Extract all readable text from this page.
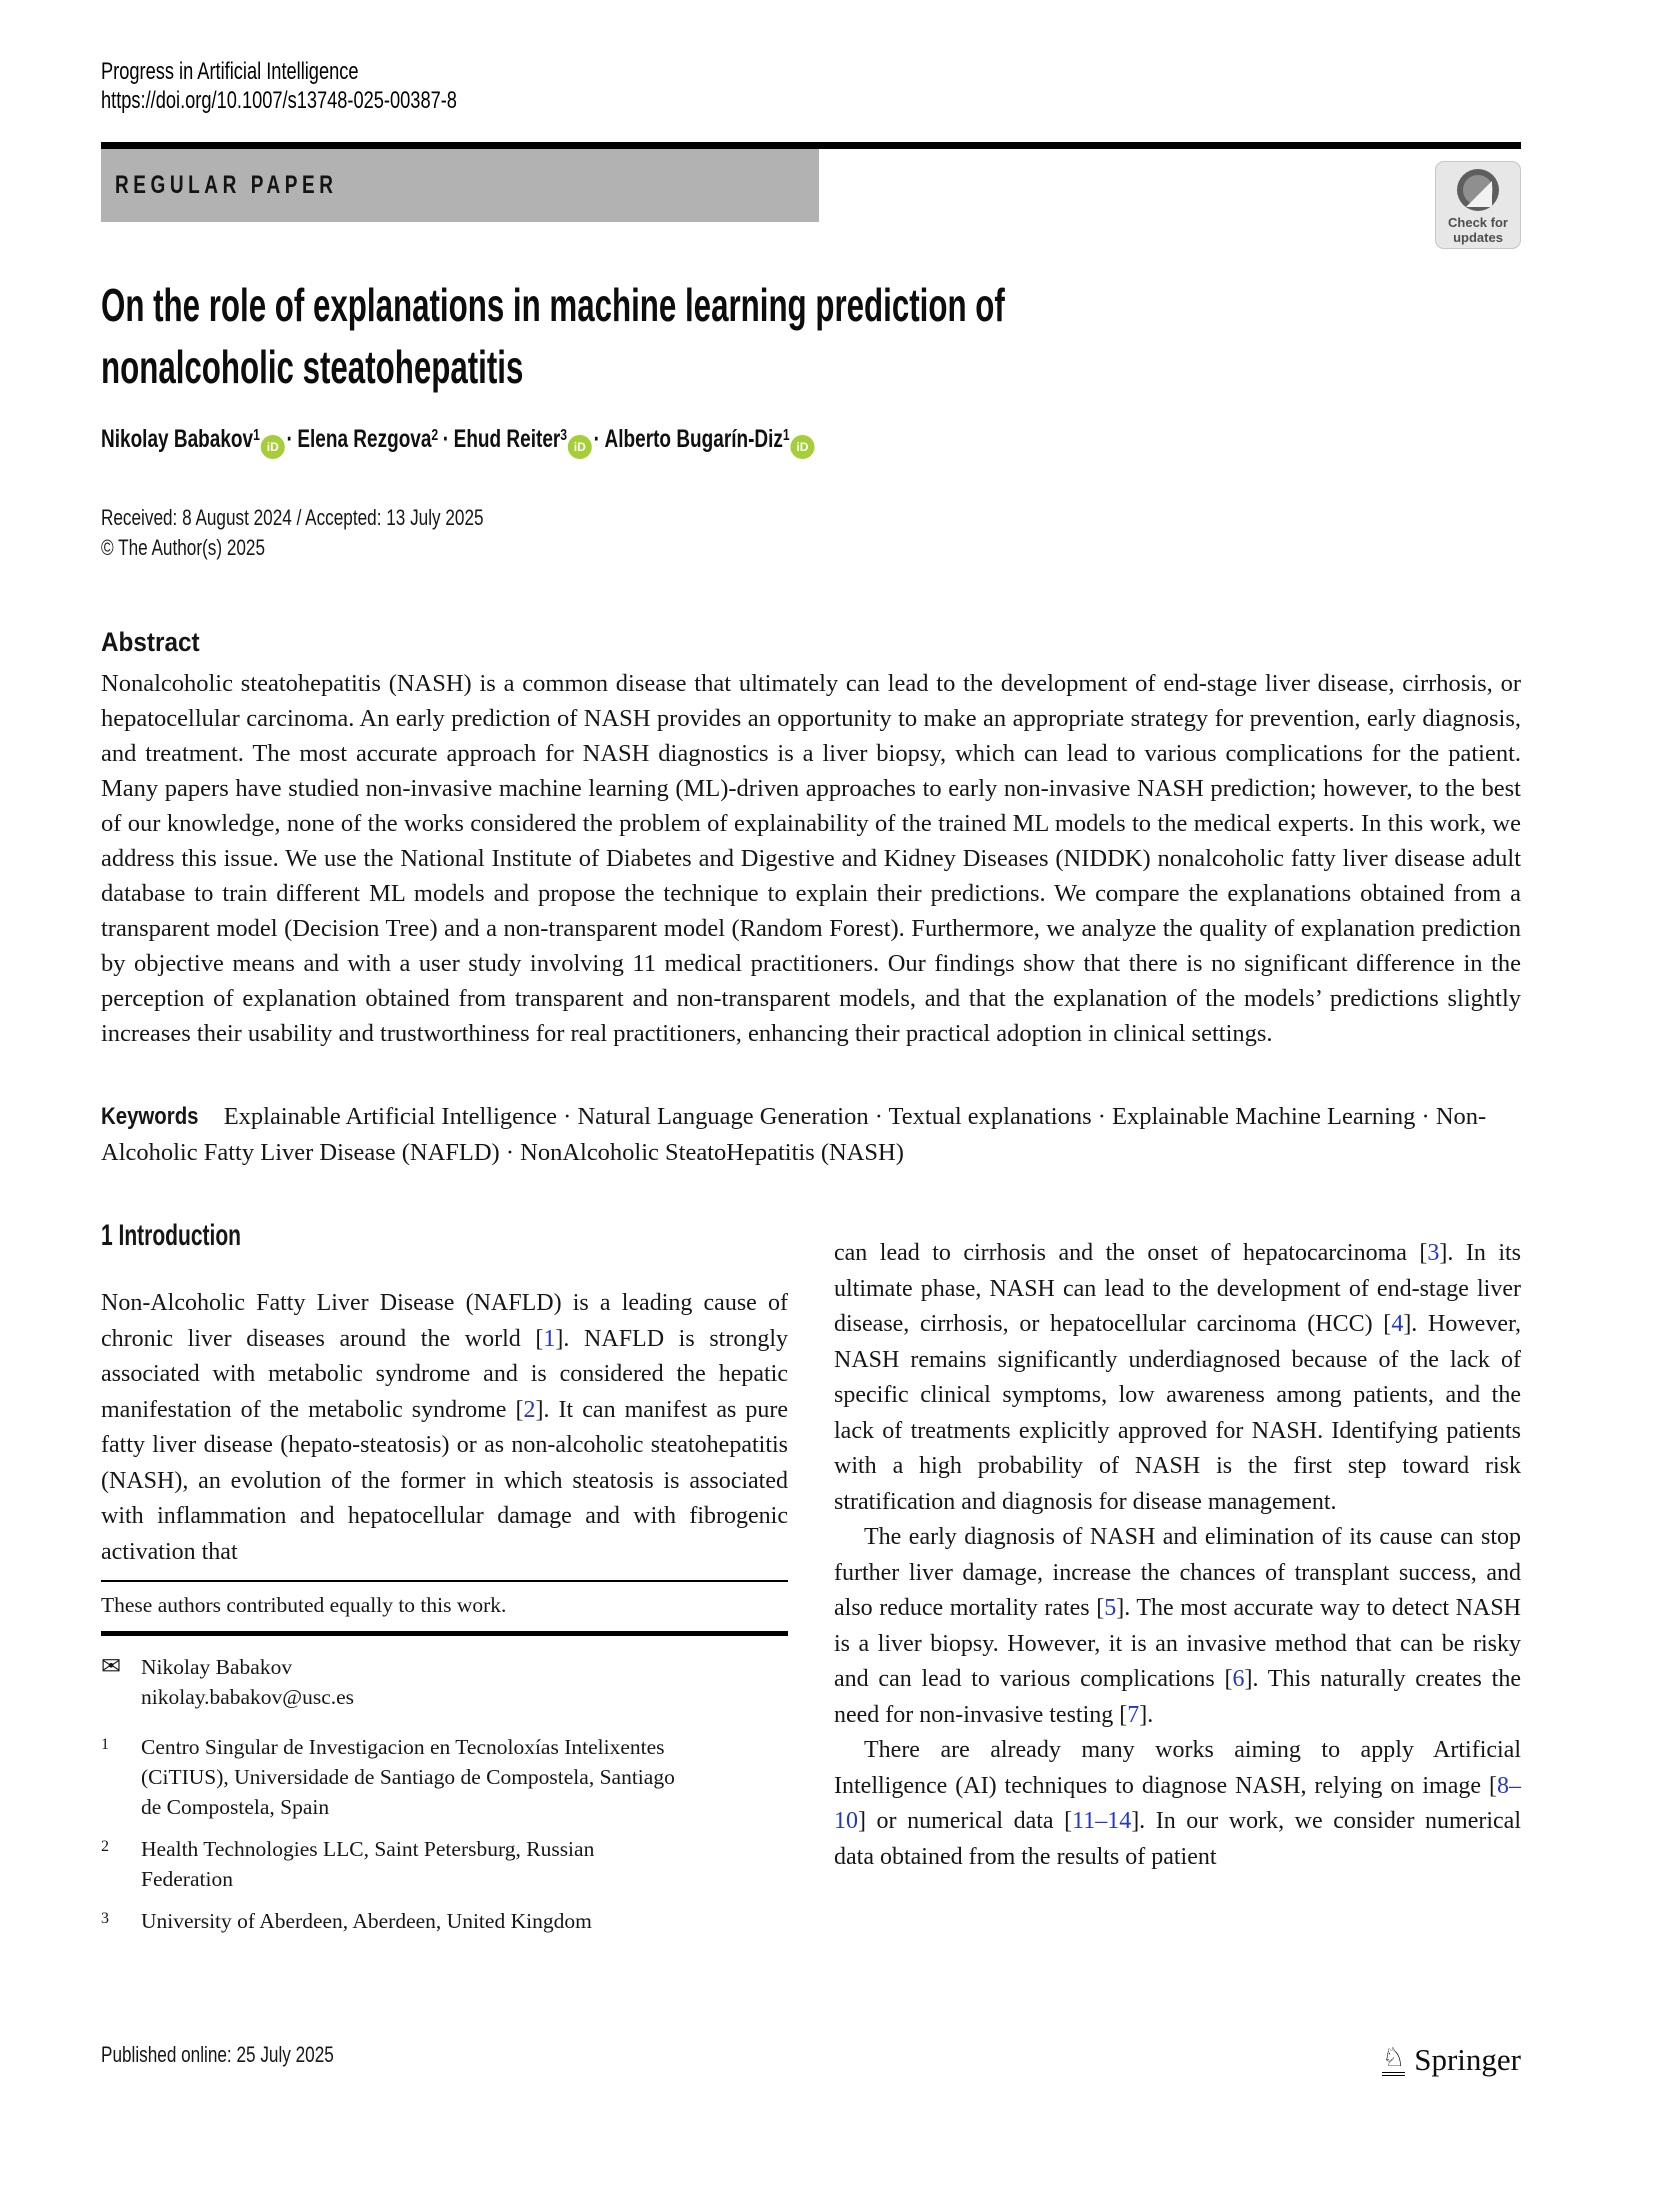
Progress in Artificial Intelligence
https://doi.org/10.1007/s13748-025-00387-8
REGULAR PAPER
Check for
updates
On the role of explanations in machine learning prediction of nonalcoholic steatohepatitis
Nikolay Babakov$^1$iD · Elena Rezgova$^2$ · Ehud Reiter$^3$iD · Alberto Bugarín-Diz$^1$iD
Received: 8 August 2024 / Accepted: 13 July 2025
© The Author(s) 2025
Abstract

Nonalcoholic steatohepatitis (NASH) is a common disease that ultimately can lead to the development of end-stage liver disease, cirrhosis, or hepatocellular carcinoma. An early prediction of NASH provides an opportunity to make an appropriate strategy for prevention, early diagnosis, and treatment. The most accurate approach for NASH diagnostics is a liver biopsy, which can lead to various complications for the patient. Many papers have studied non-invasive machine learning (ML)-driven approaches to early non-invasive NASH prediction; however, to the best of our knowledge, none of the works considered the problem of explainability of the trained ML models to the medical experts. In this work, we address this issue. We use the National Institute of Diabetes and Digestive and Kidney Diseases (NIDDK) nonalcoholic fatty liver disease adult database to train different ML models and propose the technique to explain their predictions. We compare the explanations obtained from a transparent model (Decision Tree) and a non-transparent model (Random Forest). Furthermore, we analyze the quality of explanation prediction by objective means and with a user study involving 11 medical practitioners. Our findings show that there is no significant difference in the perception of explanation obtained from transparent and non-transparent models, and that the explanation of the models’ predictions slightly increases their usability and trustworthiness for real practitioners, enhancing their practical adoption in clinical settings.

Keywords Explainable Artificial Intelligence · Natural Language Generation · Textual explanations · Explainable Machine Learning · Non-Alcoholic Fatty Liver Disease (NAFLD) · NonAlcoholic SteatoHepatitis (NASH)

1 Introduction

Non-Alcoholic Fatty Liver Disease (NAFLD) is a leading cause of chronic liver diseases around the world [1]. NAFLD is strongly associated with metabolic syndrome and is considered the hepatic manifestation of the metabolic syndrome [2]. It can manifest as pure fatty liver disease (hepato-steatosis) or as non-alcoholic steatohepatitis (NASH), an evolution of the former in which steatosis is associated with inflammation and hepatocellular damage and with fibrogenic activation that

These authors contributed equally to this work.

✉ Nikolay Babakov
nikolay.babakov@usc.es
1	Centro Singular de Investigacion en Tecnoloxías Intelixentes (CiTIUS), Universidade de Santiago de Compostela, Santiago de Compostela, Spain
2	Health Technologies LLC, Saint Petersburg, Russian Federation
3	University of Aberdeen, Aberdeen, United Kingdom

can lead to cirrhosis and the onset of hepatocarcinoma [3]. In its ultimate phase, NASH can lead to the development of end-stage liver disease, cirrhosis, or hepatocellular carcinoma (HCC) [4]. However, NASH remains significantly underdiagnosed because of the lack of specific clinical symptoms, low awareness among patients, and the lack of treatments explicitly approved for NASH. Identifying patients with a high probability of NASH is the first step toward risk stratification and diagnosis for disease management.

The early diagnosis of NASH and elimination of its cause can stop further liver damage, increase the chances of transplant success, and also reduce mortality rates [5]. The most accurate way to detect NASH is a liver biopsy. However, it is an invasive method that can be risky and can lead to various complications [6]. This naturally creates the need for non-invasive testing [7].

There are already many works aiming to apply Artificial Intelligence (AI) techniques to diagnose NASH, relying on image [8–10] or numerical data [11–14]. In our work, we consider numerical data obtained from the results of patient

Published online: 25 July 2025	♘ Springer
